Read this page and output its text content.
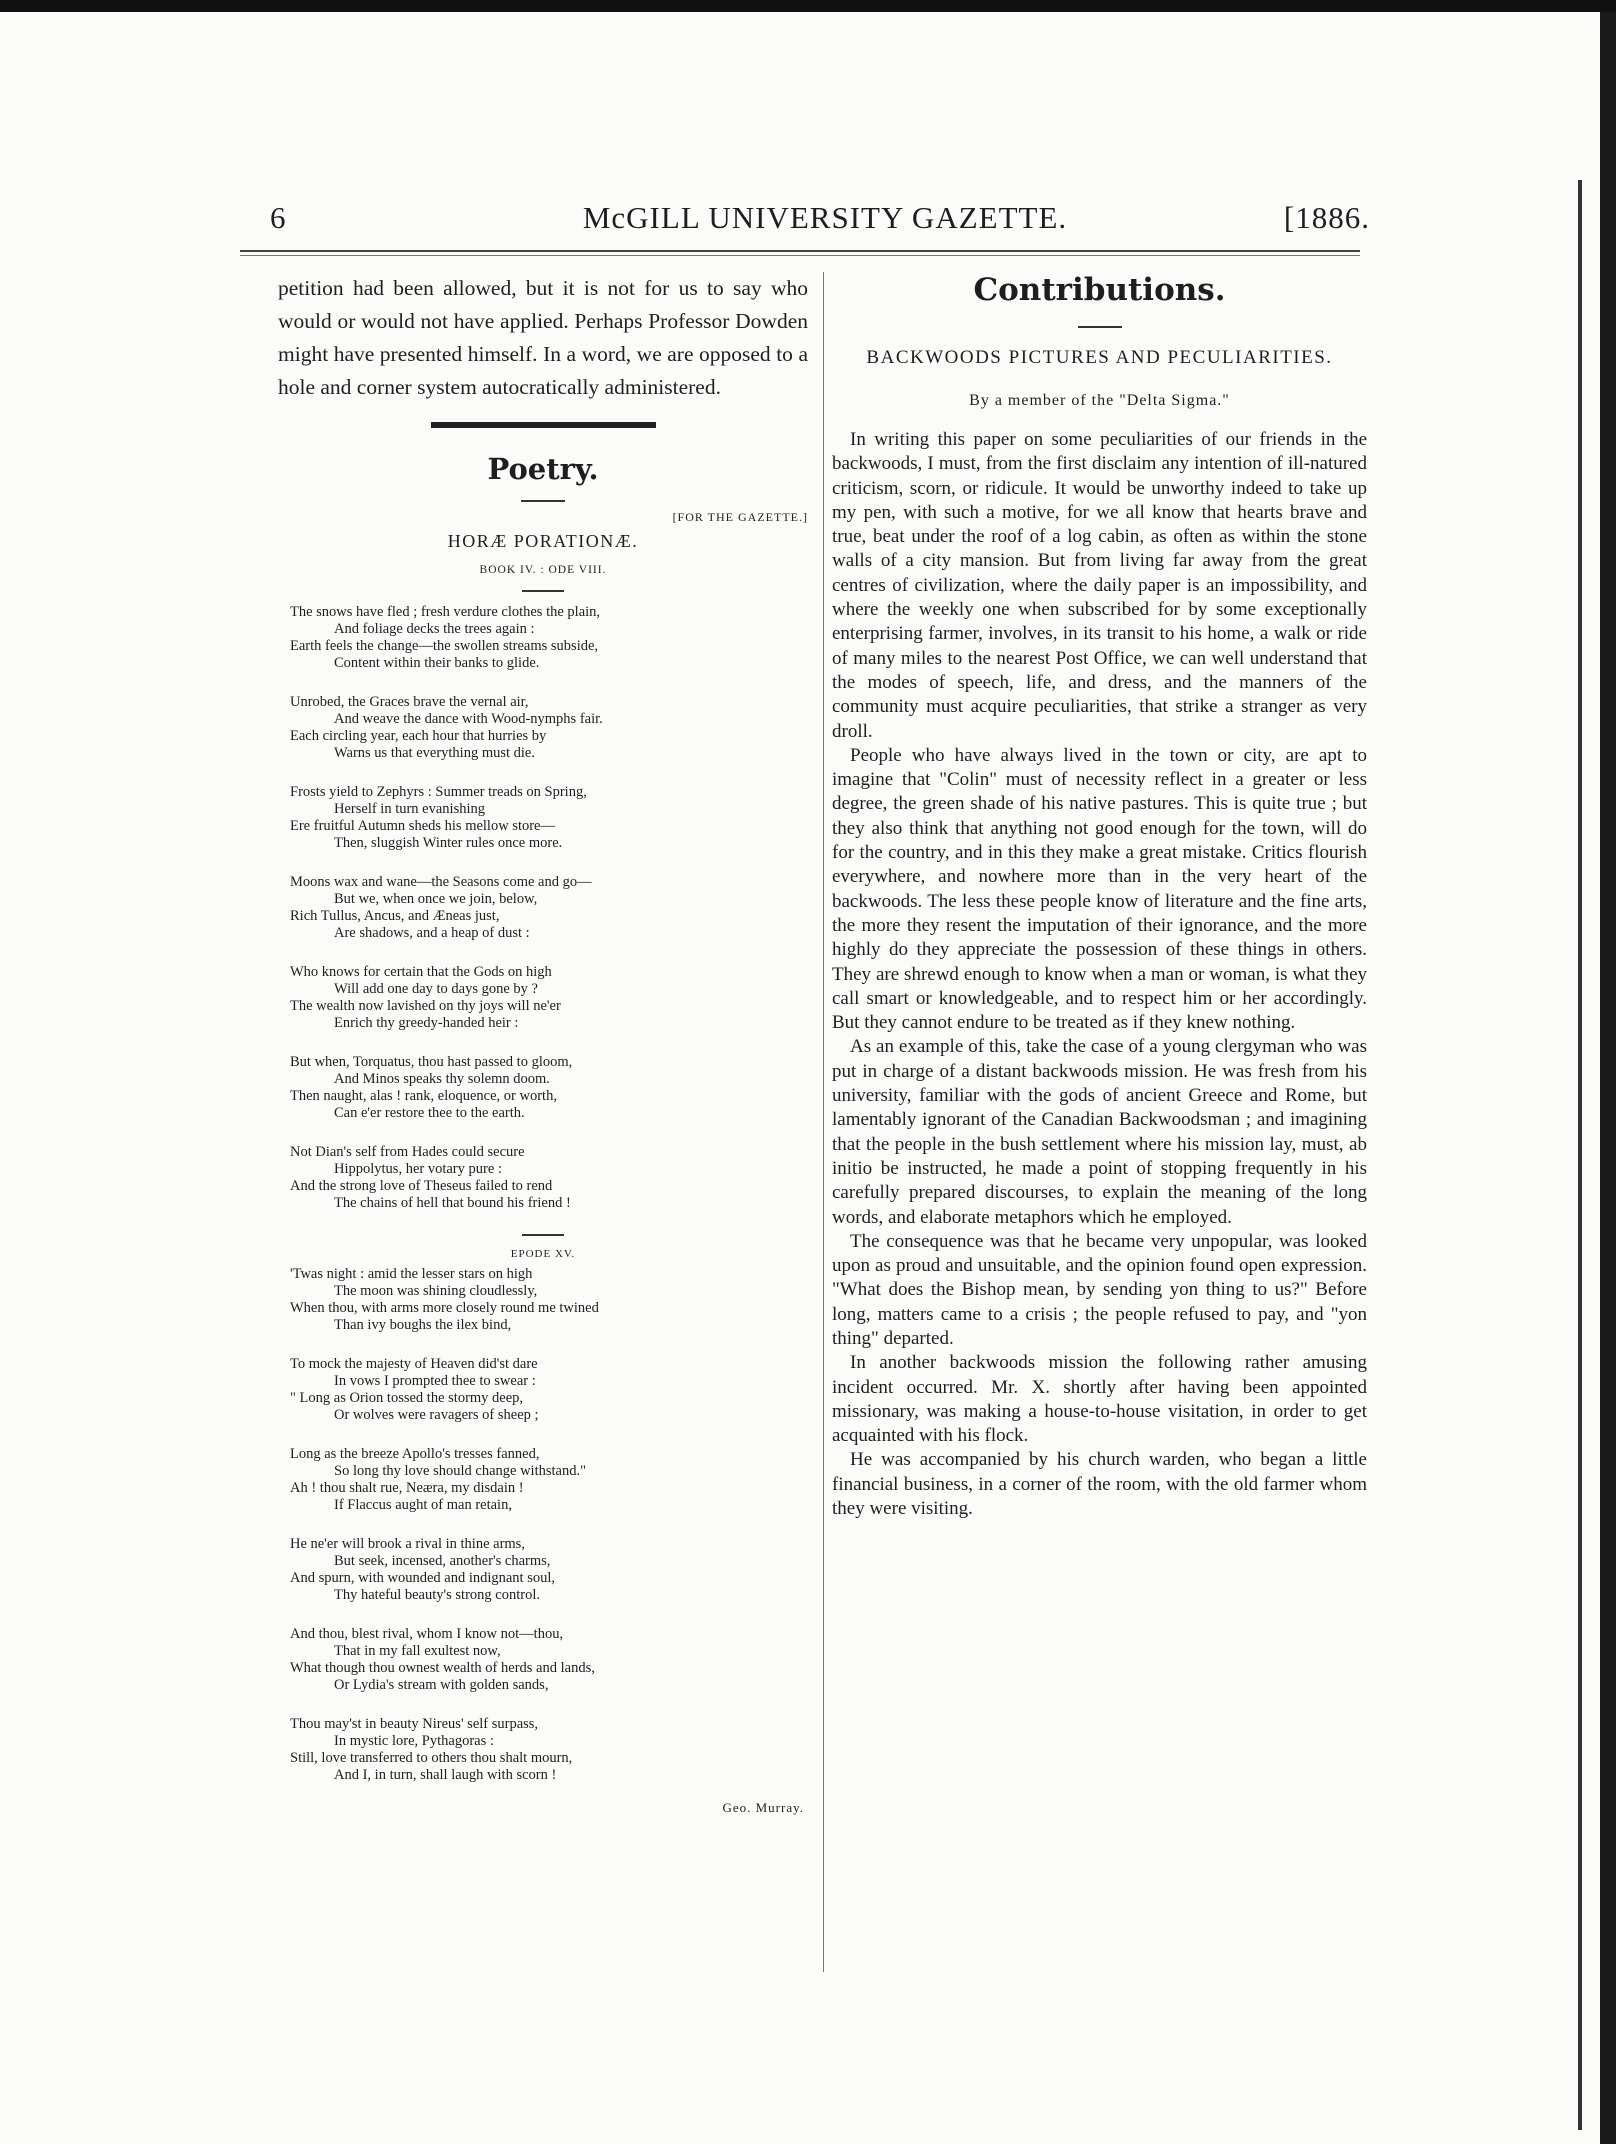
6	McGILL UNIVERSITY GAZETTE.	[1886.

petition had been allowed, but it is not for us to say who would or would not have applied. Perhaps Professor Dowden might have presented himself. In a word, we are opposed to a hole and corner system autocratically administered.

Poetry.

[FOR THE GAZETTE.]

HORÆ PORATIONÆ.

BOOK IV. : ODE VIII.

The snows have fled ; fresh verdure clothes the plain,
And foliage decks the trees again :
Earth feels the change—the swollen streams subside,
Content within their banks to glide.
Unrobed, the Graces brave the vernal air,
And weave the dance with Wood-nymphs fair.
Each circling year, each hour that hurries by
Warns us that everything must die.
Frosts yield to Zephyrs : Summer treads on Spring,
Herself in turn evanishing
Ere fruitful Autumn sheds his mellow store—
Then, sluggish Winter rules once more.
Moons wax and wane—the Seasons come and go—
But we, when once we join, below,
Rich Tullus, Ancus, and Æneas just,
Are shadows, and a heap of dust :
Who knows for certain that the Gods on high
Will add one day to days gone by ?
The wealth now lavished on thy joys will ne'er
Enrich thy greedy-handed heir :
But when, Torquatus, thou hast passed to gloom,
And Minos speaks thy solemn doom.
Then naught, alas ! rank, eloquence, or worth,
Can e'er restore thee to the earth.
Not Dian's self from Hades could secure
Hippolytus, her votary pure :
And the strong love of Theseus failed to rend
The chains of hell that bound his friend !

EPODE XV.

'Twas night : amid the lesser stars on high
The moon was shining cloudlessly,
When thou, with arms more closely round me twined
Than ivy boughs the ilex bind,
To mock the majesty of Heaven did'st dare
In vows I prompted thee to swear :
" Long as Orion tossed the stormy deep,
Or wolves were ravagers of sheep ;
Long as the breeze Apollo's tresses fanned,
So long thy love should change withstand."
Ah ! thou shalt rue, Neæra, my disdain !
If Flaccus aught of man retain,
He ne'er will brook a rival in thine arms,
But seek, incensed, another's charms,
And spurn, with wounded and indignant soul,
Thy hateful beauty's strong control.
And thou, blest rival, whom I know not—thou,
That in my fall exultest now,
What though thou ownest wealth of herds and lands,
Or Lydia's stream with golden sands,
Thou may'st in beauty Nireus' self surpass,
In mystic lore, Pythagoras :
Still, love transferred to others thou shalt mourn,
And I, in turn, shall laugh with scorn !

Geo. Murray.

Contributions.

BACKWOODS PICTURES AND PECULIARITIES.

By a member of the "Delta Sigma."

In writing this paper on some peculiarities of our friends in the backwoods, I must, from the first disclaim any intention of ill-natured criticism, scorn, or ridicule. It would be unworthy indeed to take up my pen, with such a motive, for we all know that hearts brave and true, beat under the roof of a log cabin, as often as within the stone walls of a city mansion. But from living far away from the great centres of civilization, where the daily paper is an impossibility, and where the weekly one when subscribed for by some exceptionally enterprising farmer, involves, in its transit to his home, a walk or ride of many miles to the nearest Post Office, we can well understand that the modes of speech, life, and dress, and the manners of the community must acquire peculiarities, that strike a stranger as very droll.

People who have always lived in the town or city, are apt to imagine that "Colin" must of necessity reflect in a greater or less degree, the green shade of his native pastures. This is quite true ; but they also think that anything not good enough for the town, will do for the country, and in this they make a great mistake. Critics flourish everywhere, and nowhere more than in the very heart of the backwoods. The less these people know of literature and the fine arts, the more they resent the imputation of their ignorance, and the more highly do they appreciate the possession of these things in others. They are shrewd enough to know when a man or woman, is what they call smart or knowledgeable, and to respect him or her accordingly. But they cannot endure to be treated as if they knew nothing.

As an example of this, take the case of a young clergyman who was put in charge of a distant backwoods mission. He was fresh from his university, familiar with the gods of ancient Greece and Rome, but lamentably ignorant of the Canadian Backwoodsman ; and imagining that the people in the bush settlement where his mission lay, must, ab initio be instructed, he made a point of stopping frequently in his carefully prepared discourses, to explain the meaning of the long words, and elaborate metaphors which he employed.

The consequence was that he became very unpopular, was looked upon as proud and unsuitable, and the opinion found open expression. "What does the Bishop mean, by sending yon thing to us?" Before long, matters came to a crisis ; the people refused to pay, and "yon thing" departed.

In another backwoods mission the following rather amusing incident occurred. Mr. X. shortly after having been appointed missionary, was making a house-to-house visitation, in order to get acquainted with his flock.

He was accompanied by his church warden, who began a little financial business, in a corner of the room, with the old farmer whom they were visiting.
